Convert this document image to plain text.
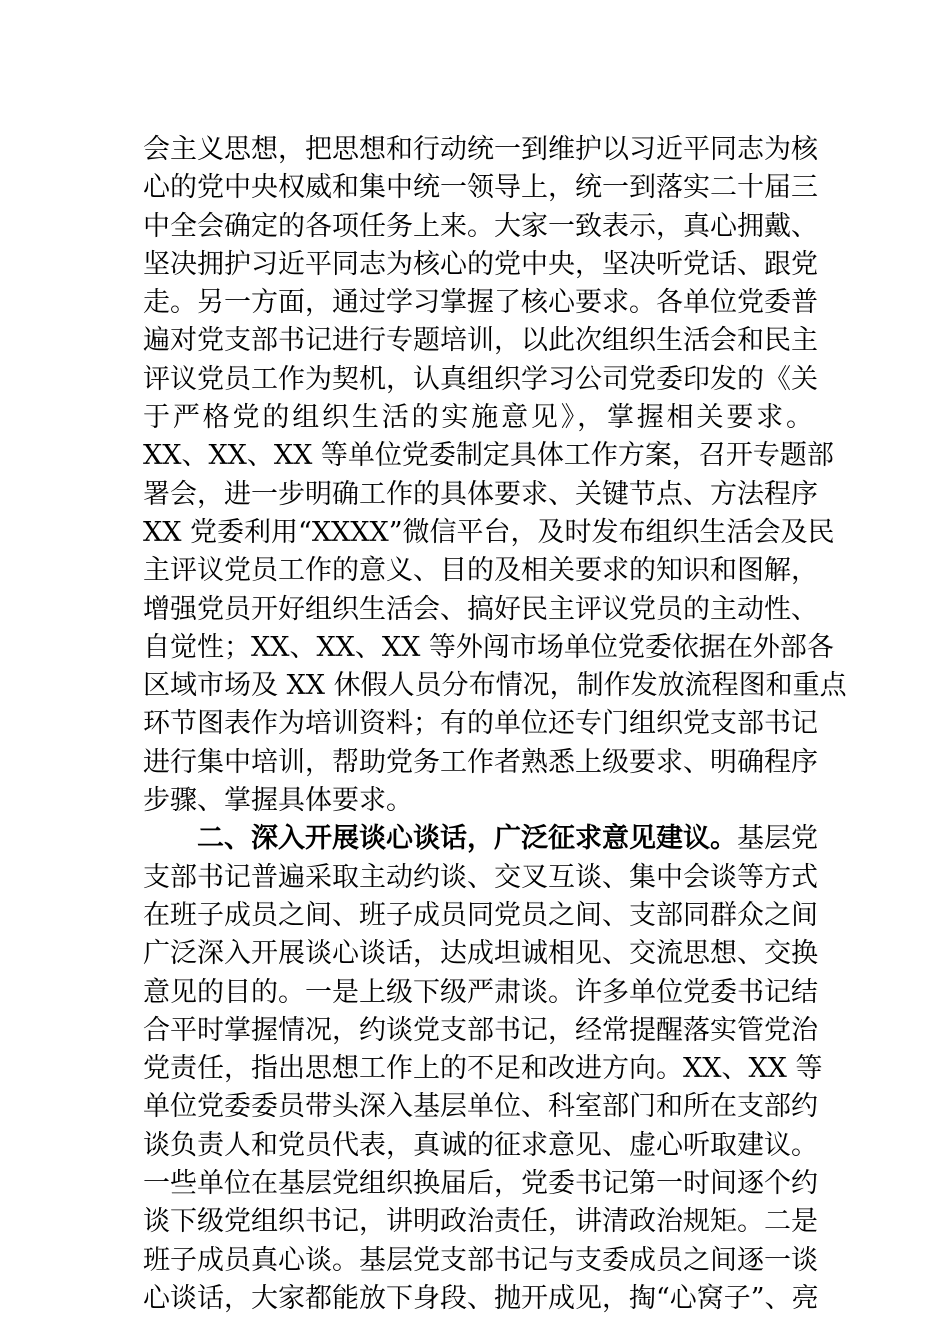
会主义思想，把思想和行动统一到维护以习近平同志为核
心的党中央权威和集中统一领导上，统一到落实二十届三
中全会确定的各项任务上来。大家一致表示，真心拥戴、
坚决拥护习近平同志为核心的党中央，坚决听党话、跟党
走。另一方面，通过学习掌握了核心要求。各单位党委普
遍对党支部书记进行专题培训，以此次组织生活会和民主
评议党员工作为契机，认真组织学习公司党委印发的《关
于严格党的组织生活的实施意见》，掌握相关要求。
XX、XX、XX 等单位党委制定具体工作方案，召开专题部
署会，进一步明确工作的具体要求、关键节点、方法程序
XX 党委利用“XXXX”微信平台，及时发布组织生活会及民
主评议党员工作的意义、目的及相关要求的知识和图解，
增强党员开好组织生活会、搞好民主评议党员的主动性、
自觉性；XX、XX、XX 等外闯市场单位党委依据在外部各
区域市场及 XX 休假人员分布情况，制作发放流程图和重点
环节图表作为培训资料；有的单位还专门组织党支部书记
进行集中培训，帮助党务工作者熟悉上级要求、明确程序
步骤、掌握具体要求。
二、深入开展谈心谈话，广泛征求意见建议。基层党
支部书记普遍采取主动约谈、交叉互谈、集中会谈等方式
在班子成员之间、班子成员同党员之间、支部同群众之间
广泛深入开展谈心谈话，达成坦诚相见、交流思想、交换
意见的目的。一是上级下级严肃谈。许多单位党委书记结
合平时掌握情况，约谈党支部书记，经常提醒落实管党治
党责任，指出思想工作上的不足和改进方向。XX、XX 等
单位党委委员带头深入基层单位、科室部门和所在支部约
谈负责人和党员代表，真诚的征求意见、虚心听取建议。
一些单位在基层党组织换届后，党委书记第一时间逐个约
谈下级党组织书记，讲明政治责任，讲清政治规矩。二是
班子成员真心谈。基层党支部书记与支委成员之间逐一谈
心谈话，大家都能放下身段、抛开成见，掏“心窝子”、亮
